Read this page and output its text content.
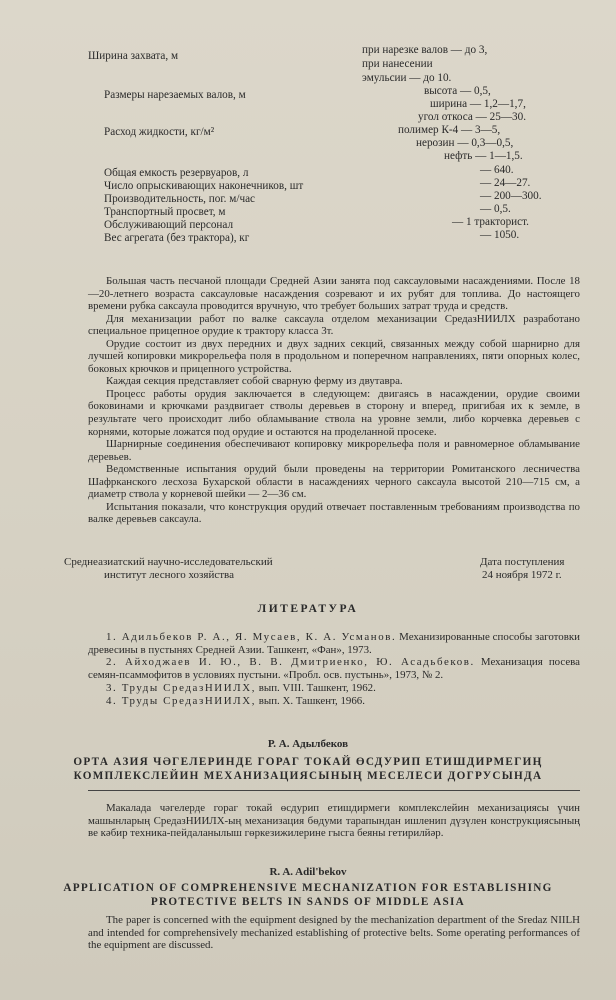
Ширина захвата, м	при нарезке валов — до 3,
при нанесении
эмульсии — до 10.
Размеры нарезаемых валов, м	высота — 0,5,
ширина — 1,2—1,7,
угол откоса — 25—30.
Расход жидкости, кг/м²	полимер К-4 — 3—5,
нерозин — 0,3—0,5,
нефть — 1—1,5.
Общая емкость резервуаров, л	— 640.
Число опрыскивающих наконечников, шт	— 24—27.
Производительность, пог. м/час	— 200—300.
Транспортный просвет, м	— 0,5.
Обслуживающий персонал	— 1 тракторист.
Вес агрегата (без трактора), кг	— 1050.

Большая часть песчаной площади Средней Азии занята под саксауловыми насаждениями. После 18—20-летнего возраста саксауловые насаждения созревают и их рубят для топлива. До настоящего времени рубка саксаула проводится вручную, что требует больших затрат труда и средств.

Для механизации работ по валке саксаула отделом механизации СредазНИИЛХ разработано специальное прицепное орудие к трактору класса 3т.

Орудие состоит из двух передних и двух задних секций, связанных между собой шарнирно для лучшей копировки микрорельефа поля в продольном и поперечном направлениях, пяти опорных колес, боковых крючков и прицепного устройства.

Каждая секция представляет собой сварную ферму из двутавра.

Процесс работы орудия заключается в следующем: двигаясь в насаждении, орудие своими боковинами и крючками раздвигает стволы деревьев в сторону и вперед, пригибая их к земле, в результате чего происходит либо обламывание ствола на уровне земли, либо корчевка деревьев с корнями, которые ложатся под орудие и остаются на проделанной просеке.

Шарнирные соединения обеспечивают копировку микрорельефа поля и равномерное обламывание деревьев.

Ведомственные испытания орудий были проведены на территории Ромитанского лесничества Шафрканского лесхоза Бухарской области в насаждениях черного саксаула высотой 210—715 см, а диаметр ствола у корневой шейки — 2—36 см.

Испытания показали, что конструкция орудий отвечает поставленным требованиям производства по валке деревьев саксаула.

Среднеазиатский научно-исследовательский
институт лесного хозяйства
Дата поступления
24 ноября 1972 г.
ЛИТЕРАТУРА

1. Адильбеков Р. А., Я. Мусаев, К. А. Усманов. Механизированные способы заготовки древесины в пустынях Средней Азии. Ташкент, «Фан», 1973.

2. Айходжаев И. Ю., В. В. Дмитриенко, Ю. Асадьбеков. Механизация посева семян-псаммофитов в условиях пустыни. «Пробл. осв. пустынь», 1973, № 2.

3. Труды СредазНИИЛХ, вып. VIII. Ташкент, 1962.

4. Труды СредазНИИЛХ, вып. X. Ташкент, 1966.

Р. А. Адылбеков
ОРТА АЗИЯ ЧӘГЕЛЕРИНДЕ ГОРАГ ТОКАЙ ӨСДУРИП ЕТИШДИРМЕГИҢ
КОМПЛЕКСЛЕЙИН МЕХАНИЗАЦИЯСЫНЫҢ МЕСЕЛЕСИ ДОГРУСЫНДА

Макалада чәгелерде гораг токай өсдурип етишдирмеги комплекслейин механизациясы үчин машынларың СредазНИИЛХ-ың механизация бөдуми тарапындан ишленип дүзүлен конструкциясының ве кәбир техника-пейдаланылыш гөркезижилерине гысга беяны гетирилйәр.

R. A. Adil'bekov
APPLICATION OF COMPREHENSIVE MECHANIZATION FOR ESTABLISHING
PROTECTIVE BELTS IN SANDS OF MIDDLE ASIA

The paper is concerned with the equipment designed by the mechanization department of the Sredaz NIILH and intended for comprehensively mechanized establishing of protective belts. Some operating performances of the equipment are discussed.
